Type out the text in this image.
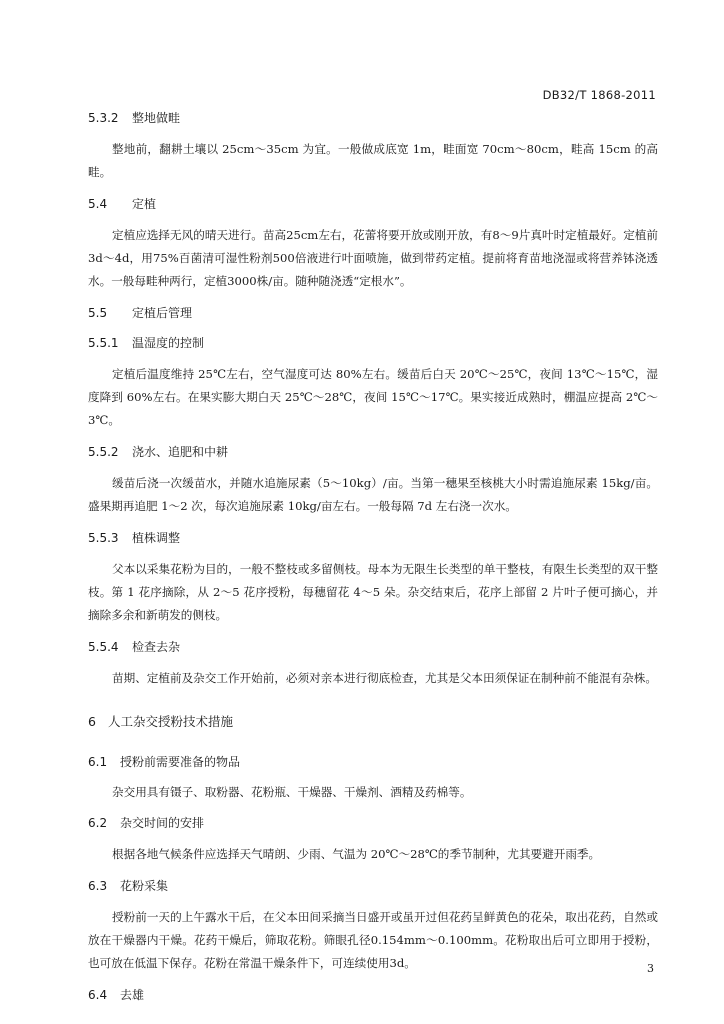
DB32/T 1868-2011
5.3.2 整地做畦

整地前，翻耕土壤以 25cm～35cm 为宜。一般做成底宽 1m，畦面宽 70cm～80cm，畦高 15cm 的高畦。

5.4 定植

定植应选择无风的晴天进行。苗高25cm左右，花蕾将要开放或刚开放，有8～9片真叶时定植最好。定植前3d～4d，用75%百菌清可湿性粉剂500倍液进行叶面喷施，做到带药定植。提前将育苗地浇湿或将营养钵浇透水。一般每畦种两行，定植3000株/亩。随种随浇透“定根水”。

5.5 定植后管理
5.5.1 温湿度的控制

定植后温度维持 25℃左右，空气湿度可达 80%左右。缓苗后白天 20℃～25℃，夜间 13℃～15℃，湿度降到 60%左右。在果实膨大期白天 25℃～28℃，夜间 15℃～17℃。果实接近成熟时，棚温应提高 2℃～3℃。

5.5.2 浇水、追肥和中耕

缓苗后浇一次缓苗水，并随水追施尿素（5～10kg）/亩。当第一穗果至核桃大小时需追施尿素 15kg/亩。盛果期再追肥 1～2 次，每次追施尿素 10kg/亩左右。一般每隔 7d 左右浇一次水。

5.5.3 植株调整

父本以采集花粉为目的，一般不整枝或多留侧枝。母本为无限生长类型的单干整枝，有限生长类型的双干整枝。第 1 花序摘除，从 2～5 花序授粉，每穗留花 4～5 朵。杂交结束后，花序上部留 2 片叶子便可摘心，并摘除多余和新萌发的侧枝。

5.5.4 检查去杂

苗期、定植前及杂交工作开始前，必须对亲本进行彻底检查，尤其是父本田须保证在制种前不能混有杂株。

6 人工杂交授粉技术措施
6.1 授粉前需要准备的物品

杂交用具有镊子、取粉器、花粉瓶、干燥器、干燥剂、酒精及药棉等。

6.2 杂交时间的安排

根据各地气候条件应选择天气晴朗、少雨、气温为 20℃～28℃的季节制种，尤其要避开雨季。

6.3 花粉采集

授粉前一天的上午露水干后，在父本田间采摘当日盛开或虽开过但花药呈鲜黄色的花朵，取出花药，自然或放在干燥器内干燥。花药干燥后，筛取花粉。筛眼孔径0.154mm～0.100mm。花粉取出后可立即用于授粉，也可放在低温下保存。花粉在常温干燥条件下，可连续使用3d。

6.4 去雄
3
